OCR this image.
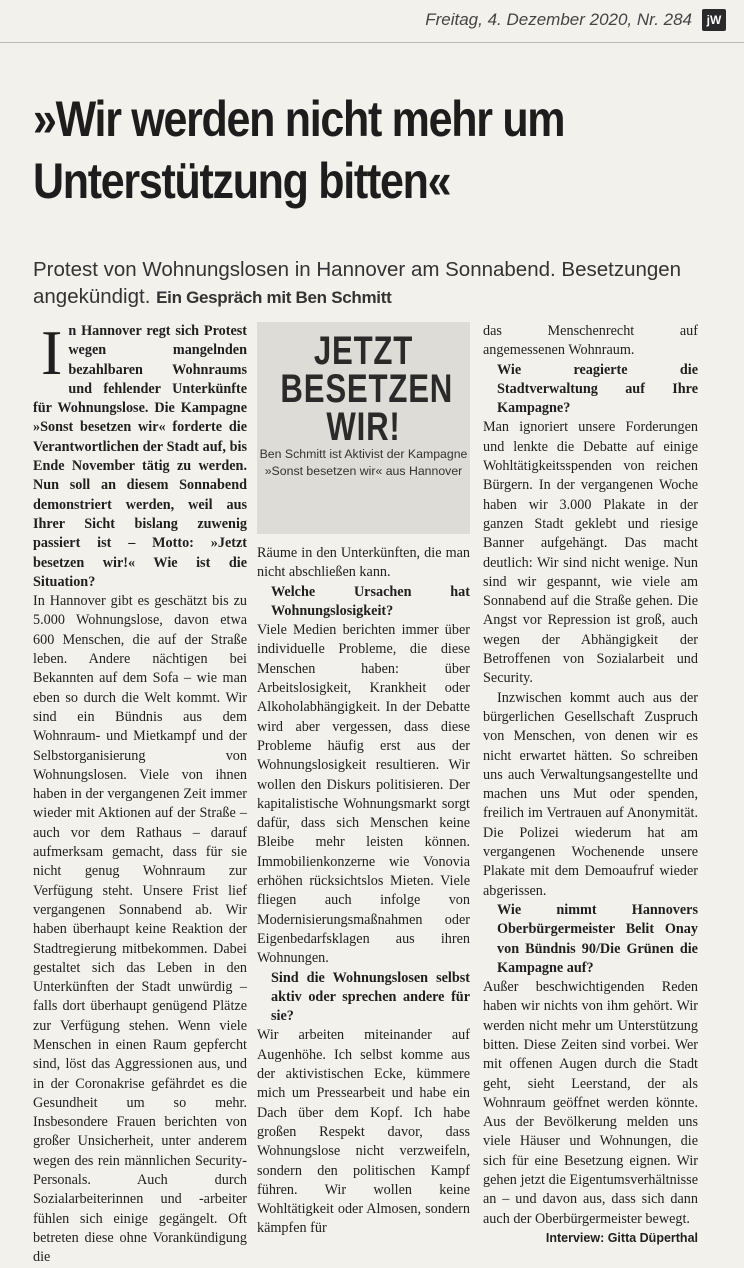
Freitag, 4. Dezember 2020, Nr. 284	jW
»Wir werden nicht mehr um Unterstützung bitten«

Protest von Wohnungslosen in Hannover am Sonnabend. Besetzungen angekündigt. Ein Gespräch mit Ben Schmitt

In Hannover regt sich Protest wegen mangelnden bezahlbaren Wohnraums und fehlender Unterkünfte für Wohnungslose. Die Kampagne »Sonst besetzen wir« forderte die Verantwortlichen der Stadt auf, bis Ende November tätig zu werden. Nun soll an diesem Sonnabend demonstriert werden, weil aus Ihrer Sicht bislang zuwenig passiert ist – Motto: »Jetzt besetzen wir!« Wie ist die Situation?

In Hannover gibt es geschätzt bis zu 5.000 Wohnungslose, davon etwa 600 Menschen, die auf der Straße leben. Andere nächtigen bei Bekannten auf dem Sofa – wie man eben so durch die Welt kommt. Wir sind ein Bündnis aus dem Wohnraum- und Mietkampf und der Selbstorganisierung von Wohnungslosen. Viele von ihnen haben in der vergangenen Zeit immer wieder mit Aktionen auf der Straße – auch vor dem Rathaus – darauf aufmerksam gemacht, dass für sie nicht genug Wohnraum zur Verfügung steht. Unsere Frist lief vergangenen Sonnabend ab. Wir haben überhaupt keine Reaktion der Stadtregierung mitbekommen. Dabei gestaltet sich das Leben in den Unterkünften der Stadt unwürdig – falls dort überhaupt genügend Plätze zur Verfügung stehen. Wenn viele Menschen in einen Raum gepfercht sind, löst das Aggressionen aus, und in der Coronakrise gefährdet es die Gesundheit um so mehr. Insbesondere Frauen berichten von großer Unsicherheit, unter anderem wegen des rein männlichen Security-Personals. Auch durch Sozialarbeiterinnen und -arbeiter fühlen sich einige gegängelt. Oft betreten diese ohne Vorankündigung die

JETZT

BESETZEN

WIR!

Ben Schmitt ist Aktivist der Kampagne »Sonst besetzen wir« aus Hannover

Räume in den Unterkünften, die man nicht abschließen kann.

Welche Ursachen hat Wohnungslosigkeit?

Viele Medien berichten immer über individuelle Probleme, die diese Menschen haben: über Arbeitslosigkeit, Krankheit oder Alkoholabhängigkeit. In der Debatte wird aber vergessen, dass diese Probleme häufig erst aus der Wohnungslosigkeit resultieren. Wir wollen den Diskurs politisieren. Der kapitalistische Wohnungsmarkt sorgt dafür, dass sich Menschen keine Bleibe mehr leisten können. Immobilienkonzerne wie Vonovia erhöhen rücksichtslos Mieten. Viele fliegen auch infolge von Modernisierungsmaßnahmen oder Eigenbedarfsklagen aus ihren Wohnungen.

Sind die Wohnungslosen selbst aktiv oder sprechen andere für sie?

Wir arbeiten miteinander auf Augenhöhe. Ich selbst komme aus der aktivistischen Ecke, kümmere mich um Pressearbeit und habe ein Dach über dem Kopf. Ich habe großen Respekt davor, dass Wohnungslose nicht verzweifeln, sondern den politischen Kampf führen. Wir wollen keine Wohltätigkeit oder Almosen, sondern kämpfen für

das Menschenrecht auf angemessenen Wohnraum.

Wie reagierte die Stadtverwaltung auf Ihre Kampagne?

Man ignoriert unsere Forderungen und lenkte die Debatte auf einige Wohltätigkeitsspenden von reichen Bürgern. In der vergangenen Woche haben wir 3.000 Plakate in der ganzen Stadt geklebt und riesige Banner aufgehängt. Das macht deutlich: Wir sind nicht wenige. Nun sind wir gespannt, wie viele am Sonnabend auf die Straße gehen. Die Angst vor Repression ist groß, auch wegen der Abhängigkeit der Betroffenen von Sozialarbeit und Security.

Inzwischen kommt auch aus der bürgerlichen Gesellschaft Zuspruch von Menschen, von denen wir es nicht erwartet hätten. So schreiben uns auch Verwaltungsangestellte und machen uns Mut oder spenden, freilich im Vertrauen auf Anonymität. Die Polizei wiederum hat am vergangenen Wochenende unsere Plakate mit dem Demoaufruf wieder abgerissen.

Wie nimmt Hannovers Oberbürgermeister Belit Onay von Bündnis 90/Die Grünen die Kampagne auf?

Außer beschwichtigenden Reden haben wir nichts von ihm gehört. Wir werden nicht mehr um Unterstützung bitten. Diese Zeiten sind vorbei. Wer mit offenen Augen durch die Stadt geht, sieht Leerstand, der als Wohnraum geöffnet werden könnte. Aus der Bevölkerung melden uns viele Häuser und Wohnungen, die sich für eine Besetzung eignen. Wir gehen jetzt die Eigentumsverhältnisse an – und davon aus, dass sich dann auch der Oberbürgermeister bewegt.

Interview: Gitta Düperthal
